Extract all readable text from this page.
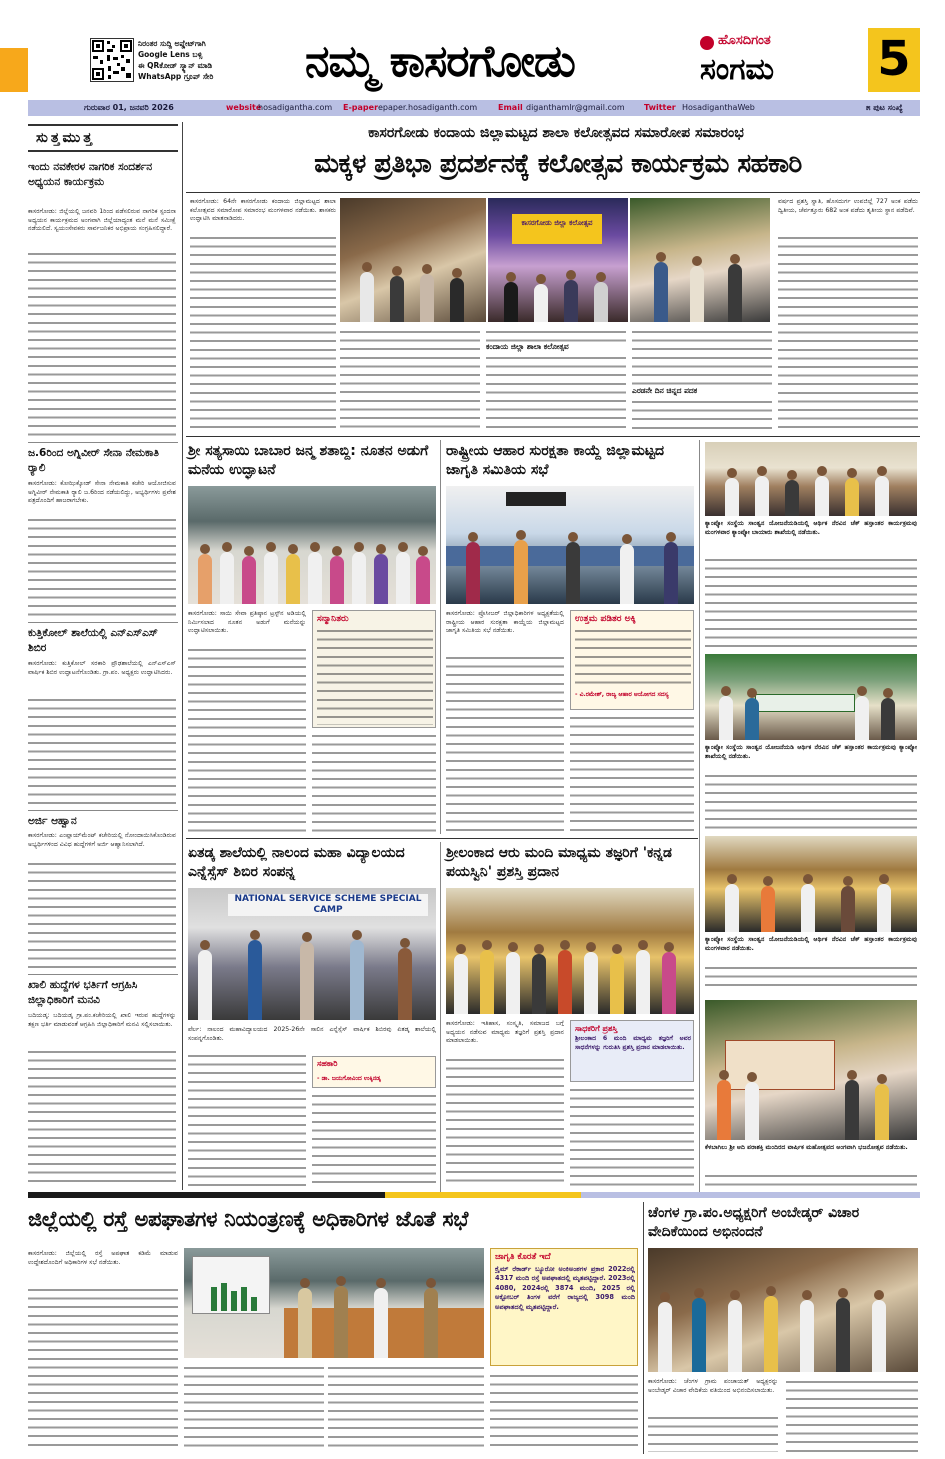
ನಿರಂತರ ಸುದ್ದಿ ಅಪ್ಡೇಟ್‌ಗಾಗಿ
Google Lens ಬಳ್ಸಿ
ಈ QRಕೋಡ್ ಸ್ಕ್ಯಾನ್ ಮಾಡಿ
WhatsApp ಗ್ರೂಪ್ ಸೇರಿ	ನಮ್ಮ ಕಾಸರಗೋಡು	ಹೊಸದಿಗಂತ
ಸಂಗಮ 5
ಗುರುವಾರ 01, ಜನವರಿ 2026	website
hosadigantha.com E-paper epaper.hosadiganth.com	Email diganthamlr@gmail.com Twitter HosadiganthaWeb	೫ ಪುಟ ಸಂಖ್ಯೆ
ಸುತ್ತಮುತ್ತ
ಇಂದು ನವಕೇರಳ ನಾಗರಿಕ ಸಂದರ್ಶನ ಅಧ್ಯಯನ ಕಾರ್ಯಕ್ರಮ
ಕಾಸರಗೋಡು: ಜಿಲ್ಲೆಯಲ್ಲಿ ಜನವರಿ 1ರಿಂದ ಪಡೆಸಲಿರುವ ನಾಗರಿಕ ಸ್ಪಂದನಾ ಅಧ್ಯಯನ ಕಾರ್ಯಕ್ರಮದ ಅಂಗವಾಗಿ ಜಿಲ್ಲೆಯಾದ್ಯಂತ ಮನೆ ಮನೆ ಸಮೀಕ್ಷೆ ನಡೆಯಲಿದೆ. ಸ್ವಯಂಸೇವಕರು ಸಾರ್ವಜನಿಕರ ಅಭಿಪ್ರಾಯ ಸಂಗ್ರಹಿಸಲಿದ್ದಾರೆ.
ಜ.6ರಿಂದ ಅಗ್ನಿವೀರ್ ಸೇನಾ ನೇಮಕಾತಿ ರ‍್ಯಾಲಿ
ಕಾಸರಗೋಡು: ಕೋಝಿಕ್ಕೋಡ್ ಸೇನಾ ನೇಮಕಾತಿ ಕಚೇರಿ ಆಯೋಜಿಸುವ ಅಗ್ನಿವೀರ್ ನೇಮಕಾತಿ ರ‍್ಯಾಲಿ ಜ.6ರಿಂದ ನಡೆಯಲಿದ್ದು, ಅಭ್ಯರ್ಥಿಗಳು ಪ್ರವೇಶ ಪತ್ರದೊಂದಿಗೆ ಹಾಜರಾಗಬೇಕು.
ಕುತ್ತಿಕೋಲ್ ಶಾಲೆಯಲ್ಲಿ ಎನ್‌ಎಸ್‌ಎಸ್ ಶಿಬಿರ
ಕಾಸರಗೋಡು: ಕುತ್ತಿಕೋಲ್ ಸರಕಾರಿ ಪ್ರೌಢಶಾಲೆಯಲ್ಲಿ ಎನ್‌ಎಸ್‌ಎಸ್ ವಾರ್ಷಿಕ ಶಿಬಿರ ಉದ್ಘಾಟನೆಗೊಂಡಿತು. ಗ್ರಾ.ಪಂ. ಅಧ್ಯಕ್ಷರು ಉದ್ಘಾಟಿಸಿದರು.
ಅರ್ಜಿ ಆಹ್ವಾನ
ಕಾಸರಗೋಡು: ಎಂಪ್ಲಾಯ್‌ಮೆಂಟ್ ಕಚೇರಿಯಲ್ಲಿ ನೋಂದಾಯಿಸಿಕೊಂಡಿರುವ ಅಭ್ಯರ್ಥಿಗಳಿಂದ ವಿವಿಧ ಹುದ್ದೆಗಳಿಗೆ ಅರ್ಜಿ ಆಹ್ವಾನಿಸಲಾಗಿದೆ.
ಖಾಲಿ ಹುದ್ದೆಗಳ ಭರ್ತಿಗೆ ಆಗ್ರಹಿಸಿ ಜಿಲ್ಲಾಧಿಕಾರಿಗೆ ಮನವಿ
ಬದಿಯಡ್ಕ: ಬದಿಯಡ್ಕ ಗ್ರಾ.ಪಂ.ಕಚೇರಿಯಲ್ಲಿ ಖಾಲಿ ಇರುವ ಹುದ್ದೆಗಳನ್ನು ತಕ್ಷಣ ಭರ್ತಿ ಮಾಡುವಂತೆ ಆಗ್ರಹಿಸಿ ಜಿಲ್ಲಾಧಿಕಾರಿಗೆ ಮನವಿ ಸಲ್ಲಿಸಲಾಯಿತು.
ಕಾಸರಗೋಡು ಕಂದಾಯ ಜಿಲ್ಲಾಮಟ್ಟದ ಶಾಲಾ ಕಲೋತ್ಸವದ ಸಮಾರೋಪ ಸಮಾರಂಭ
ಮಕ್ಕಳ ಪ್ರತಿಭಾ ಪ್ರದರ್ಶನಕ್ಕೆ ಕಲೋತ್ಸವ ಕಾರ್ಯಕ್ರಮ ಸಹಕಾರಿ
ಕಾಸರಗೋಡು: 64ನೇ ಕಾಸರಗೋಡು ಕಂದಾಯ ಜಿಲ್ಲಾಮಟ್ಟದ ಶಾಲಾ ಕಲೋತ್ಸವದ ಸಮಾರೋಪ ಸಮಾರಂಭ ಮಂಗಳವಾರ ನಡೆಯಿತು. ಶಾಸಕರು ಉದ್ಘಾಟಿಸಿ ಮಾತನಾಡಿದರು.
ಕಾಸರಗೋಡು ಜಿಲ್ಲಾ ಕಲೋತ್ಸವ
ಕಂದಾಯ ಜಿಲ್ಲಾ ಶಾಲಾ ಕಲೋತ್ಸವ
ಎರಡನೇ ದಿನ ಚಿನ್ನದ ಪದಕ
ವರ್ಷದ ಪ್ರಶಸ್ತಿ ಸ್ವಾತಿ, ಹೊಸದುರ್ಗ ಉಪಜಿಲ್ಲೆ 727 ಅಂಕ ಪಡೆದು ದ್ವಿತೀಯ, ಚೆರ್ವತ್ತೂರು 682 ಅಂಕ ಪಡೆದು ತೃತೀಯ ಸ್ಥಾನ ಪಡೆದಿವೆ.
ಶ್ರೀ ಸತ್ಯಸಾಯಿ ಬಾಬಾರ ಜನ್ಮ ಶತಾಬ್ದಿ: ನೂತನ ಅಡುಗೆ ಮನೆಯ ಉದ್ಘಾಟನೆ
ಕಾಸರಗೋಡು: ಸಾಯಿ ಸೇವಾ ಪ್ರತಿಷ್ಠಾನ ಟ್ರಸ್ಟ್‌ನ ಅಡಿಯಲ್ಲಿ ನಿರ್ಮಿಸಲಾದ ನೂತನ ಅಡುಗೆ ಮನೆಯನ್ನು ಉದ್ಘಾಟಿಸಲಾಯಿತು.
ಸನ್ಮಾನಿತರು
ರಾಷ್ಟ್ರೀಯ ಆಹಾರ ಸುರಕ್ಷತಾ ಕಾಯ್ದೆ ಜಿಲ್ಲಾಮಟ್ಟದ ಜಾಗೃತಿ ಸಮಿತಿಯ ಸಭೆ
ಕಾಸರಗೋಡು: ಪ್ರೊಸೀಜರ್ ಜಿಲ್ಲಾಧಿಕಾರಿಗಳ ಅಧ್ಯಕ್ಷತೆಯಲ್ಲಿ ರಾಷ್ಟ್ರೀಯ ಆಹಾರ ಸುರಕ್ಷತಾ ಕಾಯ್ದೆಯ ಜಿಲ್ಲಾಮಟ್ಟದ ಜಾಗೃತಿ ಸಮಿತಿಯ ಸಭೆ ನಡೆಯಿತು.
ಉತ್ತಮ ಪಡಿತರ ಅಕ್ಕಿ
- ವಿ.ರಮೇಶ್, ರಾಜ್ಯ ಆಹಾರ ಆಯೋಗದ ಸದಸ್ಯ
ಕ್ಯಾಂಪ್ಕೋ ಸಂಸ್ಥೆಯ ಸಾಂತ್ವನ ಯೋಜನೆಯಡಿಯಲ್ಲಿ ಆರ್ಥಿಕ ನೆರವಿನ ಚೆಕ್ ಹಸ್ತಾಂತರ ಕಾರ್ಯಕ್ರಮವು ಮಂಗಳವಾರ ಕ್ಯಾಂಪ್ಕೋ ಬಾಯಾರು ಶಾಖೆಯಲ್ಲಿ ನಡೆಯಿತು.
ಕ್ಯಾಂಪ್ಕೋ ಸಂಸ್ಥೆಯ ಸಾಂತ್ವನ ಯೋಜನೆಯಡಿ ಆರ್ಥಿಕ ನೆರವಿನ ಚೆಕ್ ಹಸ್ತಾಂತರ ಕಾರ್ಯಕ್ರಮವು ಕ್ಯಾಂಪ್ಕೋ ಶಾಖೆಯಲ್ಲಿ ನಡೆಯಿತು.
ಕ್ಯಾಂಪ್ಕೋ ಸಂಸ್ಥೆಯ ಸಾಂತ್ವನ ಯೋಜನೆಯಡಿಯಲ್ಲಿ ಆರ್ಥಿಕ ನೆರವಿನ ಚೆಕ್ ಹಸ್ತಾಂತರ ಕಾರ್ಯಕ್ರಮವು ಮಂಗಳವಾರ ನಡೆಯಿತು.
ಕೆಳಬಾಗಿಲು ಶ್ರೀ ಆದಿ ಪರಾಶಕ್ತಿ ಮಂದಿರದ ವಾರ್ಷಿಕ ಮಹೋತ್ಸವದ ಅಂಗವಾಗಿ ಭಜನೋತ್ಸವ ನಡೆಯಿತು.
ಏತಡ್ಕ ಶಾಲೆಯಲ್ಲಿ ನಾಲಂದ ಮಹಾ ವಿದ್ಯಾಲಯದ ಎನ್ನೆಸ್ಸೆಸ್ ಶಿಬಿರ ಸಂಪನ್ನ
NATIONAL SERVICE SCHEME SPECIAL CAMP
ಪೆರ್ಲ: ನಾಲಂದ ಮಹಾವಿದ್ಯಾಲಯದ 2025-26ನೇ ಸಾಲಿನ ಎನ್ನೆಸ್ಸೆಸ್ ವಾರ್ಷಿಕ ಶಿಬಿರವು ಏತಡ್ಕ ಶಾಲೆಯಲ್ಲಿ ಸಂಪನ್ನಗೊಂಡಿತು.
ಸಹಕಾರಿ
- ಡಾ. ಜಯಗೋವಿಂದ ಉಕ್ಕಿನಡ್ಕ
ಶ್ರೀಲಂಕಾದ ಆರು ಮಂದಿ ಮಾಧ್ಯಮ ತಜ್ಞರಿಗೆ 'ಕನ್ನಡ ಪಯಸ್ವಿನಿ' ಪ್ರಶಸ್ತಿ ಪ್ರದಾನ
ಕಾಸರಗೋಡು: ಇತಿಹಾಸ, ಸಂಸ್ಕೃತಿ, ಸಮಾಜದ ಬಗ್ಗೆ ಅಧ್ಯಯನ ನಡೆಸುವ ಮಾಧ್ಯಮ ತಜ್ಞರಿಗೆ ಪ್ರಶಸ್ತಿ ಪ್ರದಾನ ಮಾಡಲಾಯಿತು.
ಸಾಧಕರಿಗೆ ಪ್ರಶಸ್ತಿ
ಶ್ರೀಲಂಕಾದ 6 ಮಂದಿ ಮಾಧ್ಯಮ ತಜ್ಞರಿಗೆ ಅವರ ಸಾಧನೆಗಳನ್ನು ಗುರುತಿಸಿ ಪ್ರಶಸ್ತಿ ಪ್ರದಾನ ಮಾಡಲಾಯಿತು.
ಜಿಲ್ಲೆಯಲ್ಲಿ ರಸ್ತೆ ಅಪಘಾತಗಳ ನಿಯಂತ್ರಣಕ್ಕೆ ಅಧಿಕಾರಿಗಳ ಜೊತೆ ಸಭೆ
ಕಾಸರಗೋಡು: ಜಿಲ್ಲೆಯಲ್ಲಿ ರಸ್ತೆ ಅಪಘಾತ ಕಡಿಮೆ ಮಾಡುವ ಉದ್ದೇಶದೊಂದಿಗೆ ಅಧಿಕಾರಿಗಳ ಸಭೆ ನಡೆಯಿತು.
ಜಾಗೃತಿ ಕೊರತೆ ಇದೆ
ಕ್ರೈಮ್ ರೆಕಾರ್ಡ್ ಬ್ಯೂರೋ ಅಂಕಿಅಂಶಗಳ ಪ್ರಕಾರ 2022ರಲ್ಲಿ 4317 ಮಂದಿ ರಸ್ತೆ ಅಪಘಾತದಲ್ಲಿ ಮೃತಪಟ್ಟಿದ್ದಾರೆ. 2023ರಲ್ಲಿ 4080, 2024ರಲ್ಲಿ 3874 ಮಂದಿ, 2025 ರಲ್ಲಿ ಅಕ್ಟೋಬರ್ ತಿಂಗಳ ವರೆಗೆ ರಾಜ್ಯದಲ್ಲಿ 3098 ಮಂದಿ ಅಪಘಾತದಲ್ಲಿ ಮೃತಪಟ್ಟಿದ್ದಾರೆ.
ಚೆಂಗಳ ಗ್ರಾ.ಪಂ.ಅಧ್ಯಕ್ಷರಿಗೆ ಅಂಬೇಡ್ಕರ್ ವಿಚಾರ ವೇದಿಕೆಯಿಂದ ಅಭಿನಂದನೆ
ಕಾಸರಗೋಡು: ಚೆಂಗಳ ಗ್ರಾಮ ಪಂಚಾಯತ್ ಅಧ್ಯಕ್ಷರನ್ನು ಅಂಬೇಡ್ಕರ್ ವಿಚಾರ ವೇದಿಕೆಯ ವತಿಯಿಂದ ಅಭಿನಂದಿಸಲಾಯಿತು.
